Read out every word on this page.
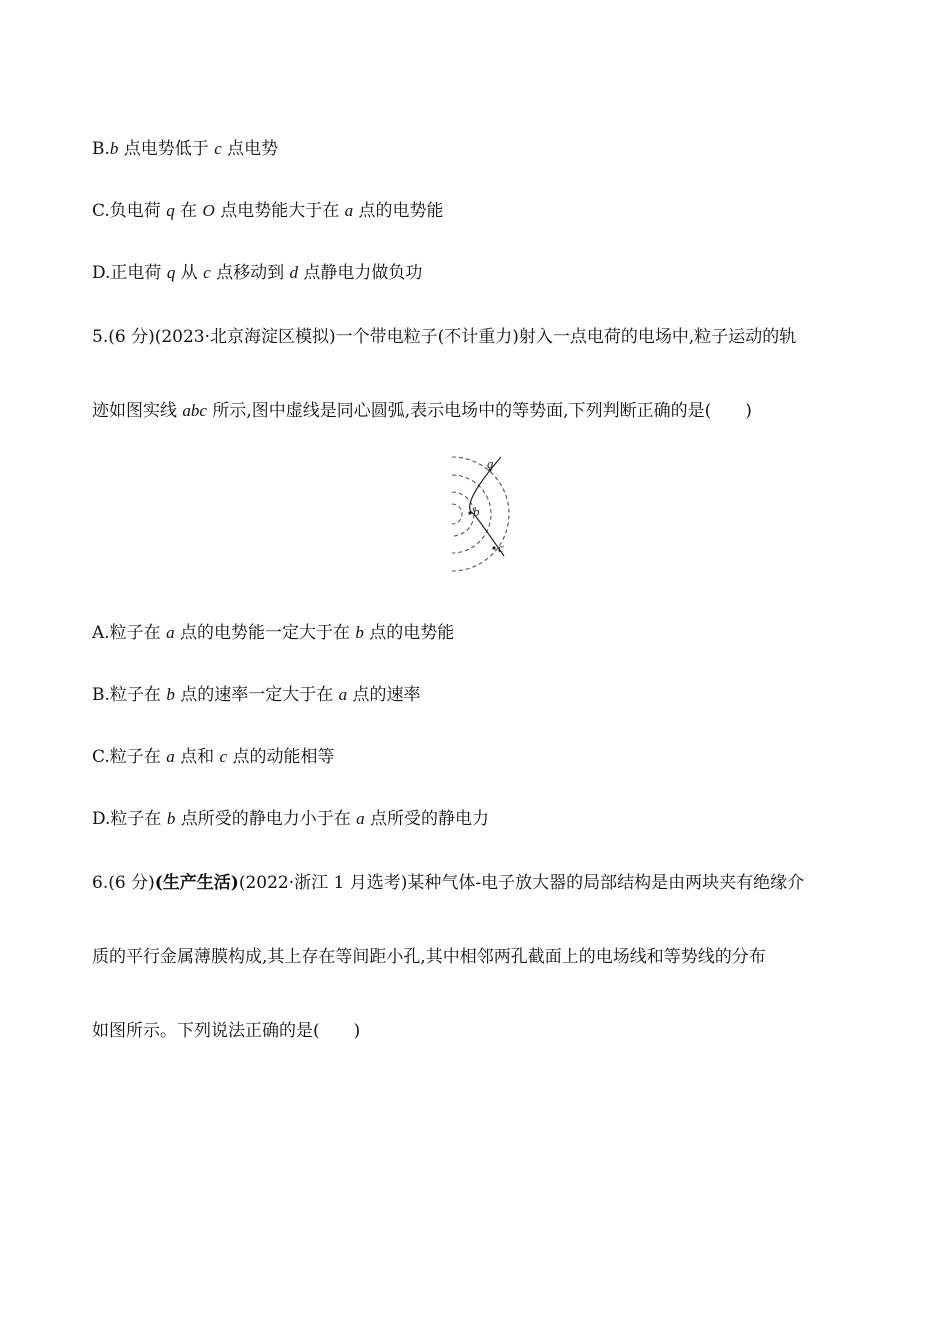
B.b 点电势低于 c 点电势
C.负电荷 q 在 O 点电势能大于在 a 点的电势能
D.正电荷 q 从 c 点移动到 d 点静电力做负功
5.(6 分)(2023·北京海淀区模拟)一个带电粒子(不计重力)射入一点电荷的电场中,粒子运动的轨
迹如图实线 abc 所示,图中虚线是同心圆弧,表示电场中的等势面,下列判断正确的是(　　)
a
b
c
A.粒子在 a 点的电势能一定大于在 b 点的电势能
B.粒子在 b 点的速率一定大于在 a 点的速率
C.粒子在 a 点和 c 点的动能相等
D.粒子在 b 点所受的静电力小于在 a 点所受的静电力
6.(6 分)(生产生活)(2022·浙江 1 月选考)某种气体-电子放大器的局部结构是由两块夹有绝缘介
质的平行金属薄膜构成,其上存在等间距小孔,其中相邻两孔截面上的电场线和等势线的分布
如图所示。下列说法正确的是(　　)
